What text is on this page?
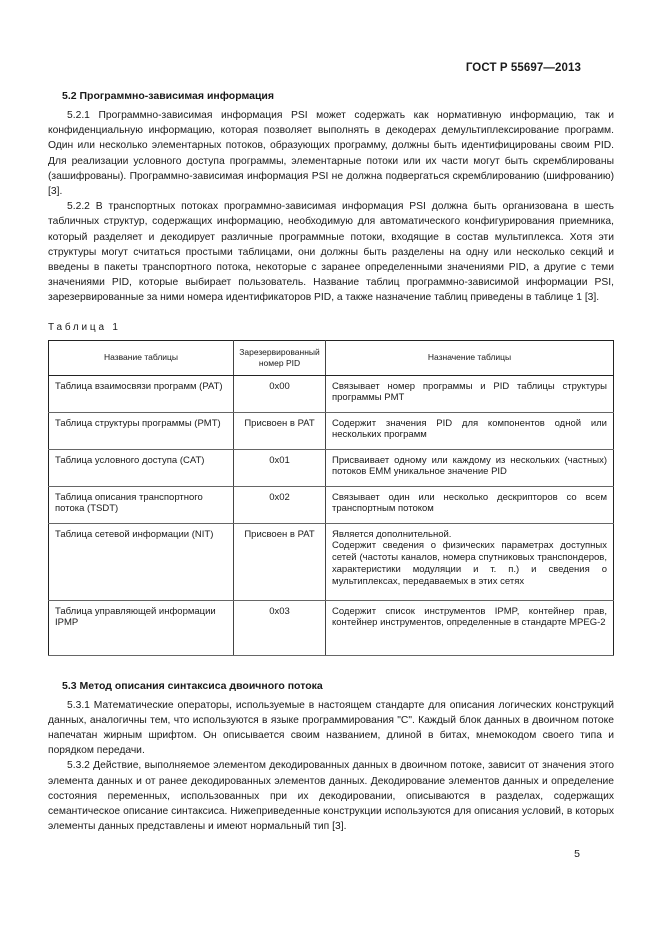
ГОСТ Р 55697—2013
5.2 Программно-зависимая информация

5.2.1 Программно-зависимая информация PSI может содержать как нормативную информацию, так и конфиденциальную информацию, которая позволяет выполнять в декодерах демультиплексирование программ. Один или несколько элементарных потоков, образующих программу, должны быть идентифицированы своим PID. Для реализации условного доступа программы, элементарные потоки или их части могут быть скремблированы (зашифрованы). Программно-зависимая информация PSI не должна подвергаться скремблированию (шифрованию) [3].

5.2.2 В транспортных потоках программно-зависимая информация PSI должна быть организована в шесть табличных структур, содержащих информацию, необходимую для автоматического конфигурирования приемника, который разделяет и декодирует различные программные потоки, входящие в состав мультиплекса. Хотя эти структуры могут считаться простыми таблицами, они должны быть разделены на одну или несколько секций и введены в пакеты транспортного потока, некоторые с заранее определенными значениями PID, а другие с теми значениями PID, которые выбирает пользователь. Название таблиц программно-зависимой информации PSI, зарезервированные за ними номера идентификаторов PID, а также назначение таблиц приведены в таблице 1 [3].

Таблица 1
Название таблицы	Зарезервированный номер PID	Назначение таблицы
Таблица взаимосвязи программ (PAT)	0x00	Связывает номер программы и PID таблицы структуры программы PMT
Таблица структуры программы (PMT)	Присвоен в PAT	Содержит значения PID для компонентов одной или нескольких программ
Таблица условного доступа (CAT)	0x01	Присваивает одному или каждому из нескольких (частных) потоков EMM уникальное значение PID
Таблица описания транспортного потока (TSDT)	0x02	Связывает один или несколько дескрипторов со всем транспортным потоком
Таблица сетевой информации (NIT)	Присвоен в PAT	Является дополнительной.
Содержит сведения о физических параметрах доступных сетей (частоты каналов, номера спутниковых транспондеров, характеристики модуляции и т. п.) и сведения о мультиплексах, передаваемых в этих сетях
Таблица управляющей информации IPMP	0x03	Содержит список инструментов IPMP, контейнер прав, контейнер инструментов, определенные в стандарте MPEG-2
5.3 Метод описания синтаксиса двоичного потока

5.3.1 Математические операторы, используемые в настоящем стандарте для описания логических конструкций данных, аналогичны тем, что используются в языке программирования "C". Каждый блок данных в двоичном потоке напечатан жирным шрифтом. Он описывается своим названием, длиной в битах, мнемокодом своего типа и порядком передачи.

5.3.2 Действие, выполняемое элементом декодированных данных в двоичном потоке, зависит от значения этого элемента данных и от ранее декодированных элементов данных. Декодирование элементов данных и определение состояния переменных, использованных при их декодировании, описываются в разделах, содержащих семантическое описание синтаксиса. Нижеприведенные конструкции используются для описания условий, в которых элементы данных представлены и имеют нормальный тип [3].

5
